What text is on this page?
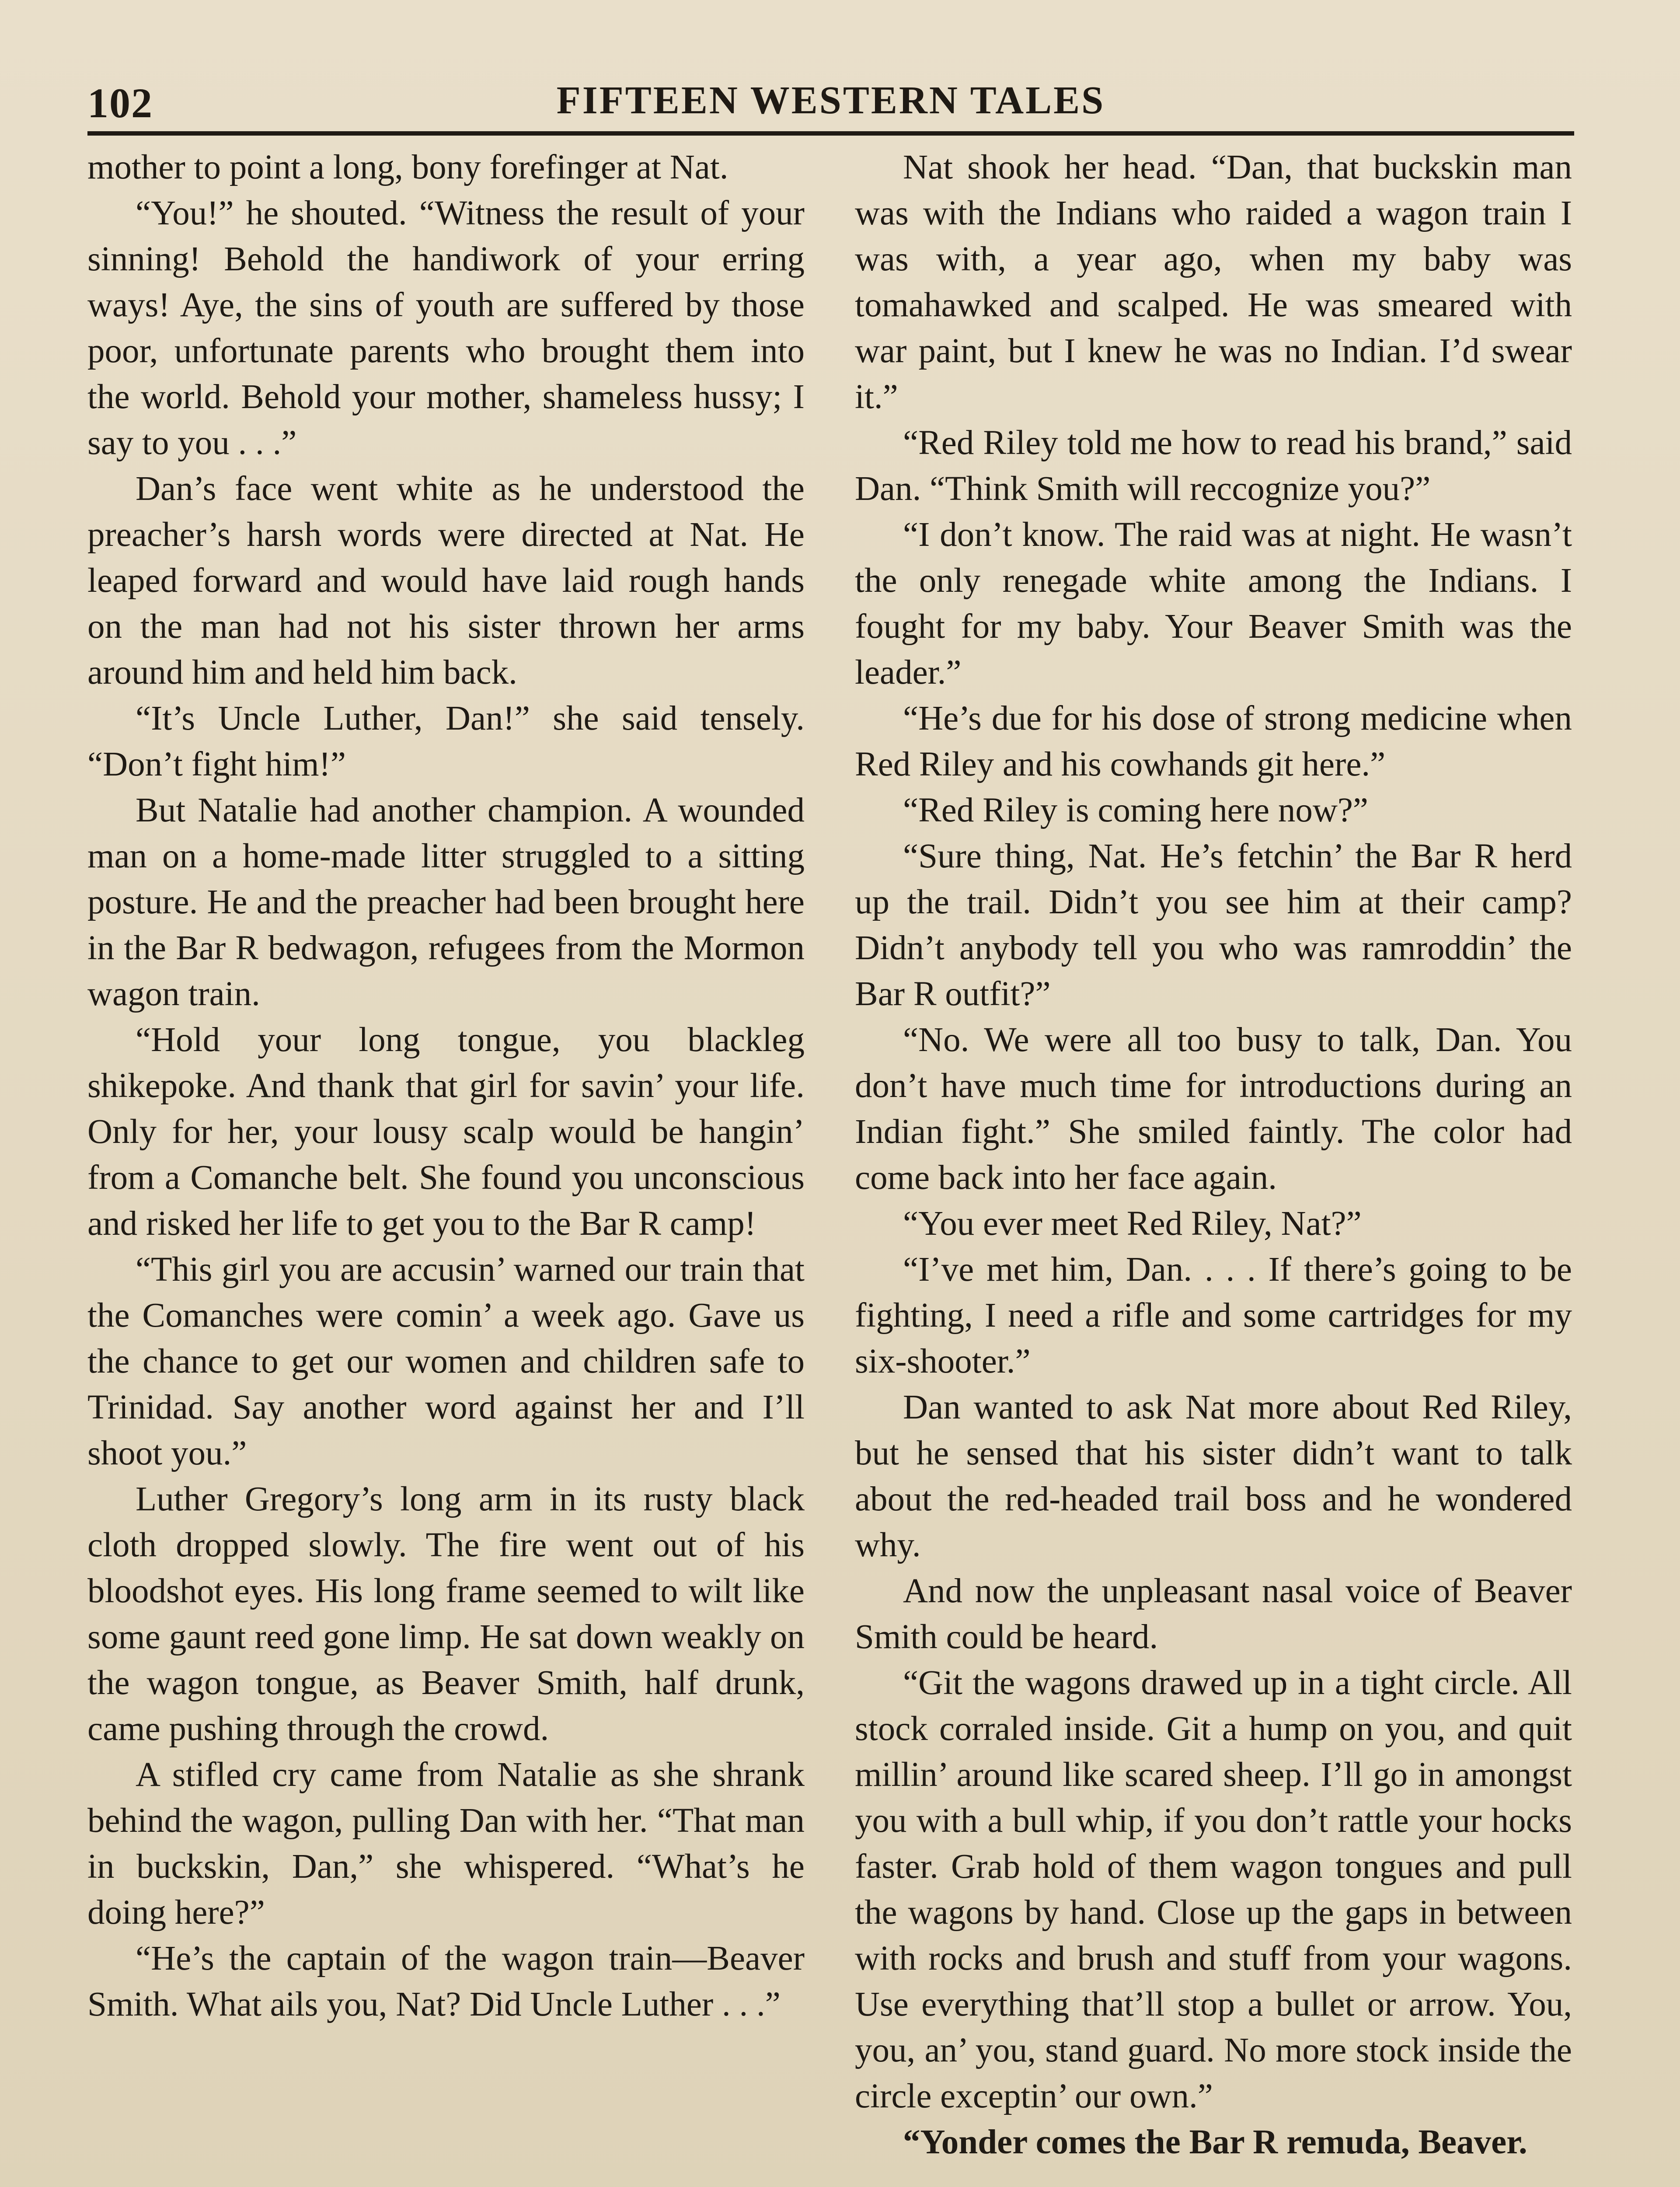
102	FIFTEEN WESTERN TALES

mother to point a long, bony forefinger at Nat.

“You!” he shouted. “Witness the result of your sinning! Behold the handiwork of your erring ways! Aye, the sins of youth are suffered by those poor, unfortunate parents who brought them into the world. Behold your mother, shameless hussy; I say to you . . .”

Dan’s face went white as he understood the preacher’s harsh words were directed at Nat. He leaped forward and would have laid rough hands on the man had not his sister thrown her arms around him and held him back.

“It’s Uncle Luther, Dan!” she said tensely. “Don’t fight him!”

But Natalie had another champion. A wounded man on a home-made litter struggled to a sitting posture. He and the preacher had been brought here in the Bar R bedwagon, refugees from the Mormon wagon train.

“Hold your long tongue, you blackleg shikepoke. And thank that girl for savin’ your life. Only for her, your lousy scalp would be hangin’ from a Comanche belt. She found you unconscious and risked her life to get you to the Bar R camp!

“This girl you are accusin’ warned our train that the Comanches were comin’ a week ago. Gave us the chance to get our women and children safe to Trinidad. Say another word against her and I’ll shoot you.”

Luther Gregory’s long arm in its rusty black cloth dropped slowly. The fire went out of his bloodshot eyes. His long frame seemed to wilt like some gaunt reed gone limp. He sat down weakly on the wagon tongue, as Beaver Smith, half drunk, came pushing through the crowd.

A stifled cry came from Natalie as she shrank behind the wagon, pulling Dan with her. “That man in buckskin, Dan,” she whispered. “What’s he doing here?”

“He’s the captain of the wagon train—Beaver Smith. What ails you, Nat? Did Uncle Luther . . .”

Nat shook her head. “Dan, that buckskin man was with the Indians who raided a wagon train I was with, a year ago, when my baby was tomahawked and scalped. He was smeared with war paint, but I knew he was no Indian. I’d swear it.”

“Red Riley told me how to read his brand,” said Dan. “Think Smith will reccognize you?”

“I don’t know. The raid was at night. He wasn’t the only renegade white among the Indians. I fought for my baby. Your Beaver Smith was the leader.”

“He’s due for his dose of strong medicine when Red Riley and his cowhands git here.”

“Red Riley is coming here now?”

“Sure thing, Nat. He’s fetchin’ the Bar R herd up the trail. Didn’t you see him at their camp? Didn’t anybody tell you who was ramroddin’ the Bar R outfit?”

“No. We were all too busy to talk, Dan. You don’t have much time for introductions during an Indian fight.” She smiled faintly. The color had come back into her face again.

“You ever meet Red Riley, Nat?”

“I’ve met him, Dan. . . . If there’s going to be fighting, I need a rifle and some cartridges for my six-shooter.”

Dan wanted to ask Nat more about Red Riley, but he sensed that his sister didn’t want to talk about the red-headed trail boss and he wondered why.

And now the unpleasant nasal voice of Beaver Smith could be heard.

“Git the wagons drawed up in a tight circle. All stock corraled inside. Git a hump on you, and quit millin’ around like scared sheep. I’ll go in amongst you with a bull whip, if you don’t rattle your hocks faster. Grab hold of them wagon tongues and pull the wagons by hand. Close up the gaps in between with rocks and brush and stuff from your wagons. Use everything that’ll stop a bullet or arrow. You, you, an’ you, stand guard. No more stock inside the circle exceptin’ our own.”

“Yonder comes the Bar R remuda, Beaver.
